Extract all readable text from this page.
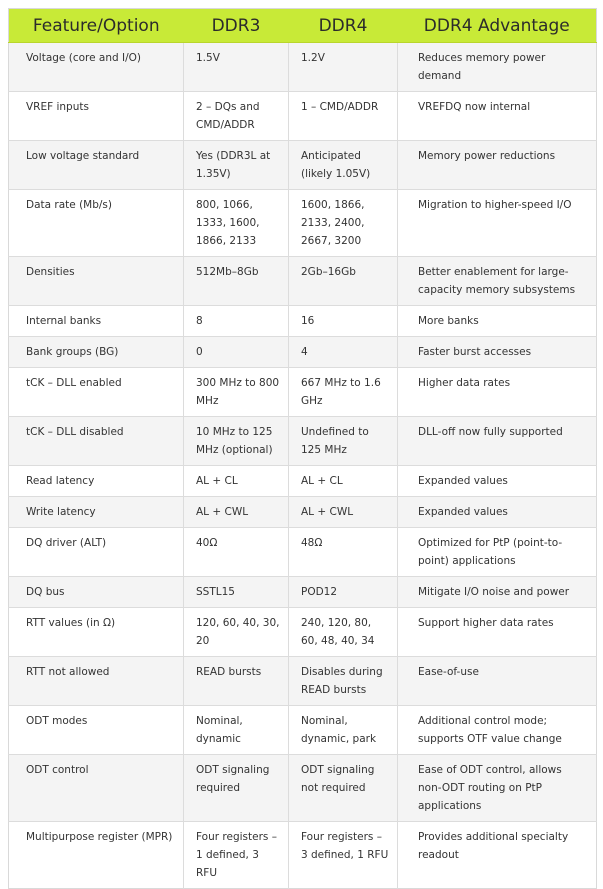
Feature/Option	DDR3	DDR4	DDR4 Advantage
Voltage (core and I/O)	1.5V	1.2V	Reduces memory power demand
VREF inputs	2 – DQs and CMD/ADDR	1 – CMD/ADDR	VREFDQ now internal
Low voltage standard	Yes (DDR3L at 1.35V)	Anticipated (likely 1.05V)	Memory power reductions
Data rate (Mb/s)	800, 1066, 1333, 1600, 1866, 2133	1600, 1866, 2133, 2400, 2667, 3200	Migration to higher-speed I/O
Densities	512Mb–8Gb	2Gb–16Gb	Better enablement for large-capacity memory subsystems
Internal banks	8	16	More banks
Bank groups (BG)	0	4	Faster burst accesses
tCK – DLL enabled	300 MHz to 800 MHz	667 MHz to 1.6 GHz	Higher data rates
tCK – DLL disabled	10 MHz to 125 MHz (optional)	Undefined to 125 MHz	DLL-off now fully supported
Read latency	AL + CL	AL + CL	Expanded values
Write latency	AL + CWL	AL + CWL	Expanded values
DQ driver (ALT)	40Ω	48Ω	Optimized for PtP (point-to-point) applications
DQ bus	SSTL15	POD12	Mitigate I/O noise and power
RTT values (in Ω)	120, 60, 40, 30, 20	240, 120, 80, 60, 48, 40, 34	Support higher data rates
RTT not allowed	READ bursts	Disables during READ bursts	Ease-of-use
ODT modes	Nominal, dynamic	Nominal, dynamic, park	Additional control mode; supports OTF value change
ODT control	ODT signaling required	ODT signaling not required	Ease of ODT control, allows non-ODT routing on PtP applications
Multipurpose register (MPR)	Four registers – 1 defined, 3 RFU	Four registers – 3 defined, 1 RFU	Provides additional specialty readout
